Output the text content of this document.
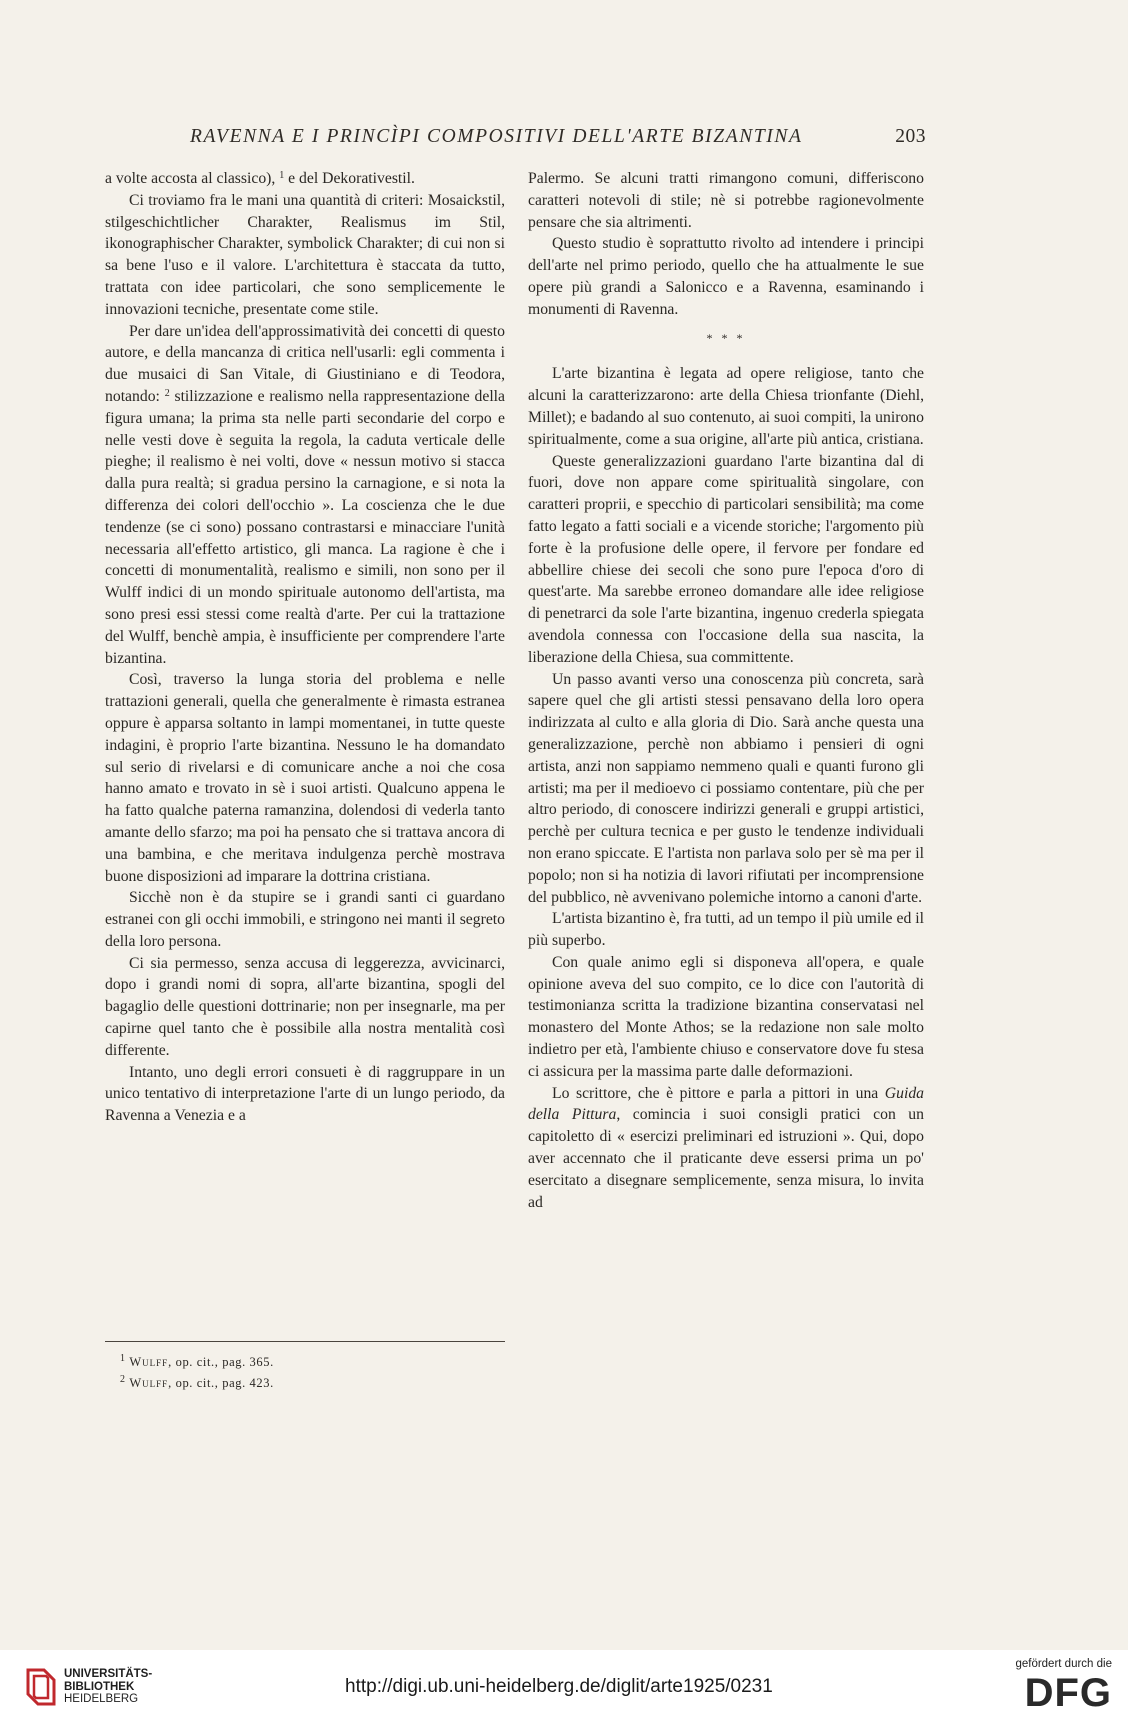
RAVENNA E I PRINCÌPI COMPOSITIVI DELL'ARTE BIZANTINA	203

a volte accosta al classico), $^1$ e del Dekorativestil.

Ci troviamo fra le mani una quantità di criteri: Mosaickstil, stilgeschichtlicher Charakter, Realismus im Stil, ikonographischer Charakter, symbolick Charakter; di cui non si sa bene l'uso e il valore. L'architettura è staccata da tutto, trattata con idee particolari, che sono semplicemente le innovazioni tecniche, presentate come stile.

Per dare un'idea dell'approssimatività dei concetti di questo autore, e della mancanza di critica nell'usarli: egli commenta i due musaici di San Vitale, di Giustiniano e di Teodora, notando: $^2$ stilizzazione e realismo nella rappresentazione della figura umana; la prima sta nelle parti secondarie del corpo e nelle vesti dove è seguita la regola, la caduta verticale delle pieghe; il realismo è nei volti, dove « nessun motivo si stacca dalla pura realtà; si gradua persino la carnagione, e si nota la differenza dei colori dell'occhio ». La coscienza che le due tendenze (se ci sono) possano contrastarsi e minacciare l'unità necessaria all'effetto artistico, gli manca. La ragione è che i concetti di monumentalità, realismo e simili, non sono per il Wulff indici di un mondo spirituale autonomo dell'artista, ma sono presi essi stessi come realtà d'arte. Per cui la trattazione del Wulff, benchè ampia, è insufficiente per comprendere l'arte bizantina.

Così, traverso la lunga storia del problema e nelle trattazioni generali, quella che generalmente è rimasta estranea oppure è apparsa soltanto in lampi momentanei, in tutte queste indagini, è proprio l'arte bizantina. Nessuno le ha domandato sul serio di rivelarsi e di comunicare anche a noi che cosa hanno amato e trovato in sè i suoi artisti. Qualcuno appena le ha fatto qualche paterna ramanzina, dolendosi di vederla tanto amante dello sfarzo; ma poi ha pensato che si trattava ancora di una bambina, e che meritava indulgenza perchè mostrava buone disposizioni ad imparare la dottrina cristiana.

Sicchè non è da stupire se i grandi santi ci guardano estranei con gli occhi immobili, e stringono nei manti il segreto della loro persona.

Ci sia permesso, senza accusa di leggerezza, avvicinarci, dopo i grandi nomi di sopra, all'arte bizantina, spogli del bagaglio delle questioni dottrinarie; non per insegnarle, ma per capirne quel tanto che è possibile alla nostra mentalità così differente.

Intanto, uno degli errori consueti è di raggruppare in un unico tentativo di interpretazione l'arte di un lungo periodo, da Ravenna a Venezia e a

Palermo. Se alcuni tratti rimangono comuni, differiscono caratteri notevoli di stile; nè si potrebbe ragionevolmente pensare che sia altrimenti.

Questo studio è soprattutto rivolto ad intendere i principi dell'arte nel primo periodo, quello che ha attualmente le sue opere più grandi a Salonicco e a Ravenna, esaminando i monumenti di Ravenna.

* * *

L'arte bizantina è legata ad opere religiose, tanto che alcuni la caratterizzarono: arte della Chiesa trionfante (Diehl, Millet); e badando al suo contenuto, ai suoi compiti, la unirono spiritualmente, come a sua origine, all'arte più antica, cristiana.

Queste generalizzazioni guardano l'arte bizantina dal di fuori, dove non appare come spiritualità singolare, con caratteri proprii, e specchio di particolari sensibilità; ma come fatto legato a fatti sociali e a vicende storiche; l'argomento più forte è la profusione delle opere, il fervore per fondare ed abbellire chiese dei secoli che sono pure l'epoca d'oro di quest'arte. Ma sarebbe erroneo domandare alle idee religiose di penetrarci da sole l'arte bizantina, ingenuo crederla spiegata avendola connessa con l'occasione della sua nascita, la liberazione della Chiesa, sua committente.

Un passo avanti verso una conoscenza più concreta, sarà sapere quel che gli artisti stessi pensavano della loro opera indirizzata al culto e alla gloria di Dio. Sarà anche questa una generalizzazione, perchè non abbiamo i pensieri di ogni artista, anzi non sappiamo nemmeno quali e quanti furono gli artisti; ma per il medioevo ci possiamo contentare, più che per altro periodo, di conoscere indirizzi generali e gruppi artistici, perchè per cultura tecnica e per gusto le tendenze individuali non erano spiccate. E l'artista non parlava solo per sè ma per il popolo; non si ha notizia di lavori rifiutati per incomprensione del pubblico, nè avvenivano polemiche intorno a canoni d'arte.

L'artista bizantino è, fra tutti, ad un tempo il più umile ed il più superbo.

Con quale animo egli si disponeva all'opera, e quale opinione aveva del suo compito, ce lo dice con l'autorità di testimonianza scritta la tradizione bizantina conservatasi nel monastero del Monte Athos; se la redazione non sale molto indietro per età, l'ambiente chiuso e conservatore dove fu stesa ci assicura per la massima parte dalle deformazioni.

Lo scrittore, che è pittore e parla a pittori in una Guida della Pittura, comincia i suoi consigli pratici con un capitoletto di « esercizi preliminari ed istruzioni ». Qui, dopo aver accennato che il praticante deve essersi prima un po' esercitato a disegnare semplicemente, senza misura, lo invita ad

$^1$ Wulff, op. cit., pag. 365.
$^2$ Wulff, op. cit., pag. 423.
UNIVERSITÄTS-
BIBLIOTHEK
HEIDELBERG
http://digi.ub.uni-heidelberg.de/diglit/arte1925/0231
gefördert durch die
DFG
